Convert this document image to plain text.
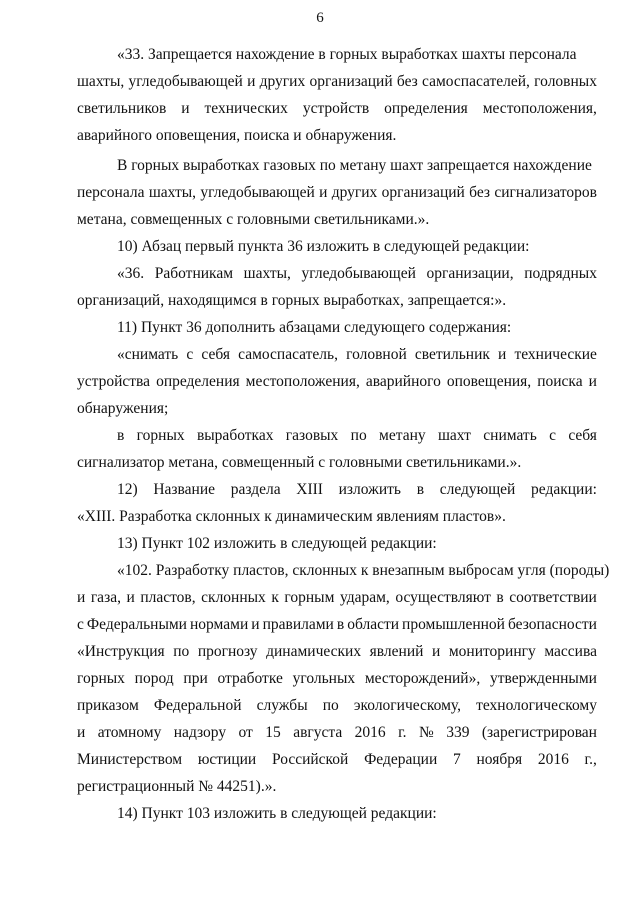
6
«33. Запрещается нахождение в горных выработках шахты персонала
шахты, угледобывающей и других организаций без самоспасателей, головных
светильников и технических устройств определения местоположения,
аварийного оповещения, поиска и обнаружения.
В горных выработках газовых по метану шахт запрещается нахождение
персонала шахты, угледобывающей и других организаций без сигнализаторов
метана, совмещенных с головными светильниками.».
10) Абзац первый пункта 36 изложить в следующей редакции:
«36. Работникам шахты, угледобывающей организации, подрядных
организаций, находящимся в горных выработках, запрещается:».
11) Пункт 36 дополнить абзацами следующего содержания:
«снимать с себя самоспасатель, головной светильник и технические
устройства определения местоположения, аварийного оповещения, поиска и
обнаружения;
в горных выработках газовых по метану шахт снимать с себя
сигнализатор метана, совмещенный с головными светильниками.».
12) Название раздела XIII изложить в следующей редакции:
«XIII. Разработка склонных к динамическим явлениям пластов».
13) Пункт 102 изложить в следующей редакции:
«102. Разработку пластов, склонных к внезапным выбросам угля (породы)
и газа, и пластов, склонных к горным ударам, осуществляют в соответствии
с Федеральными нормами и правилами в области промышленной безопасности
«Инструкция по прогнозу динамических явлений и мониторингу массива
горных пород при отработке угольных месторождений», утвержденными
приказом Федеральной службы по экологическому, технологическому
и атомному надзору от 15 августа 2016 г. № 339 (зарегистрирован
Министерством юстиции Российской Федерации 7 ноября 2016 г.,
регистрационный № 44251).».
14) Пункт 103 изложить в следующей редакции:
